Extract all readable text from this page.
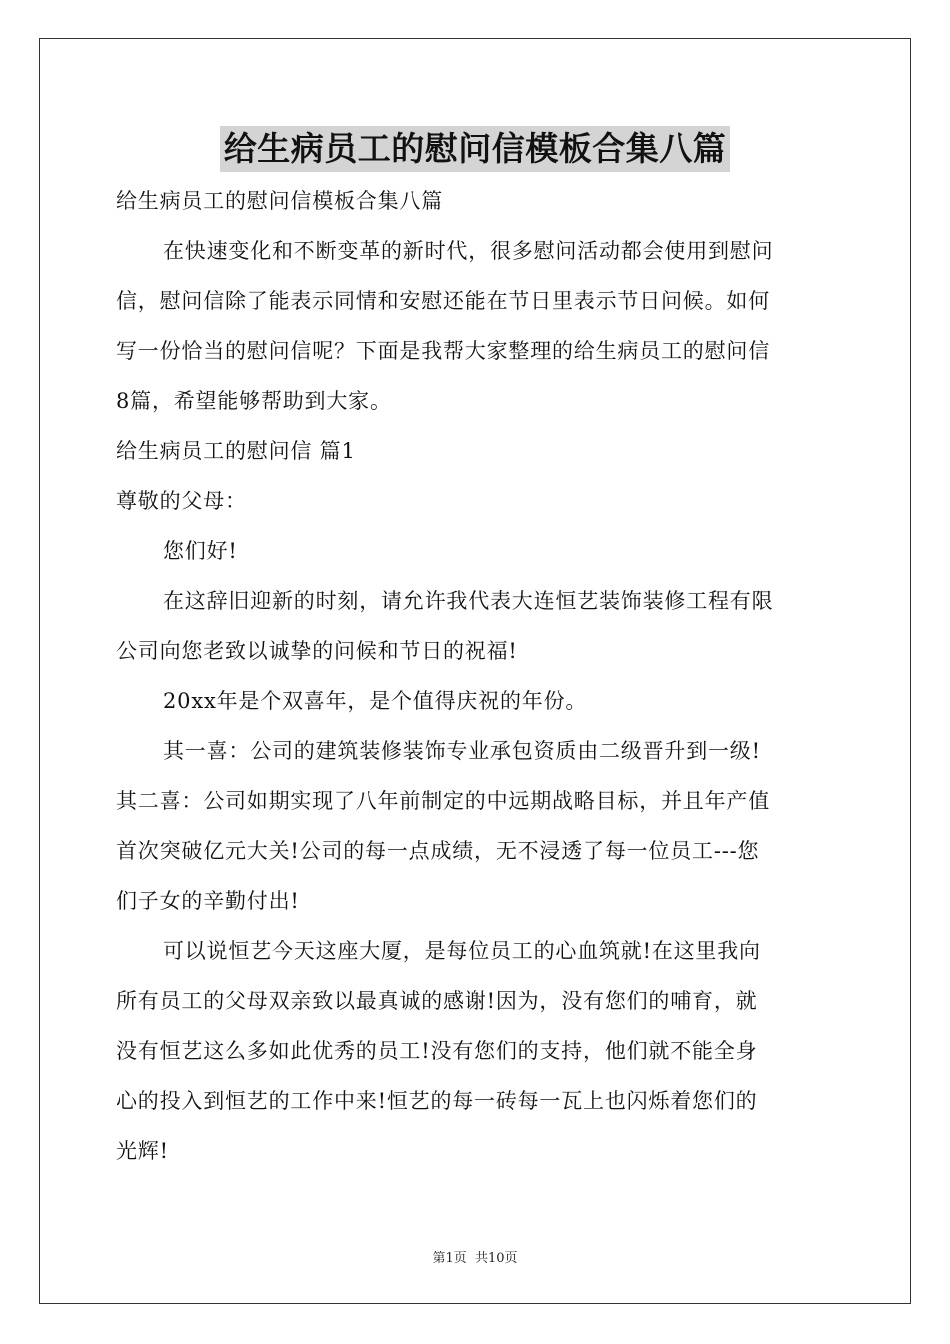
给生病员工的慰问信模板合集八篇
给生病员工的慰问信模板合集八篇
在快速变化和不断变革的新时代，很多慰问活动都会使用到慰问
信，慰问信除了能表示同情和安慰还能在节日里表示节日问候。如何
写一份恰当的慰问信呢？下面是我帮大家整理的给生病员工的慰问信
8篇，希望能够帮助到大家。
给生病员工的慰问信 篇1
尊敬的父母：
您们好!
在这辞旧迎新的时刻，请允许我代表大连恒艺装饰装修工程有限
公司向您老致以诚挚的问候和节日的祝福!
20xx年是个双喜年，是个值得庆祝的年份。
其一喜：公司的建筑装修装饰专业承包资质由二级晋升到一级!
其二喜：公司如期实现了八年前制定的中远期战略目标，并且年产值
首次突破亿元大关!公司的每一点成绩，无不浸透了每一位员工---您
们子女的辛勤付出!
可以说恒艺今天这座大厦，是每位员工的心血筑就!在这里我向
所有员工的父母双亲致以最真诚的感谢!因为，没有您们的哺育，就
没有恒艺这么多如此优秀的员工!没有您们的支持，他们就不能全身
心的投入到恒艺的工作中来!恒艺的每一砖每一瓦上也闪烁着您们的
光辉!
第1页 共10页
